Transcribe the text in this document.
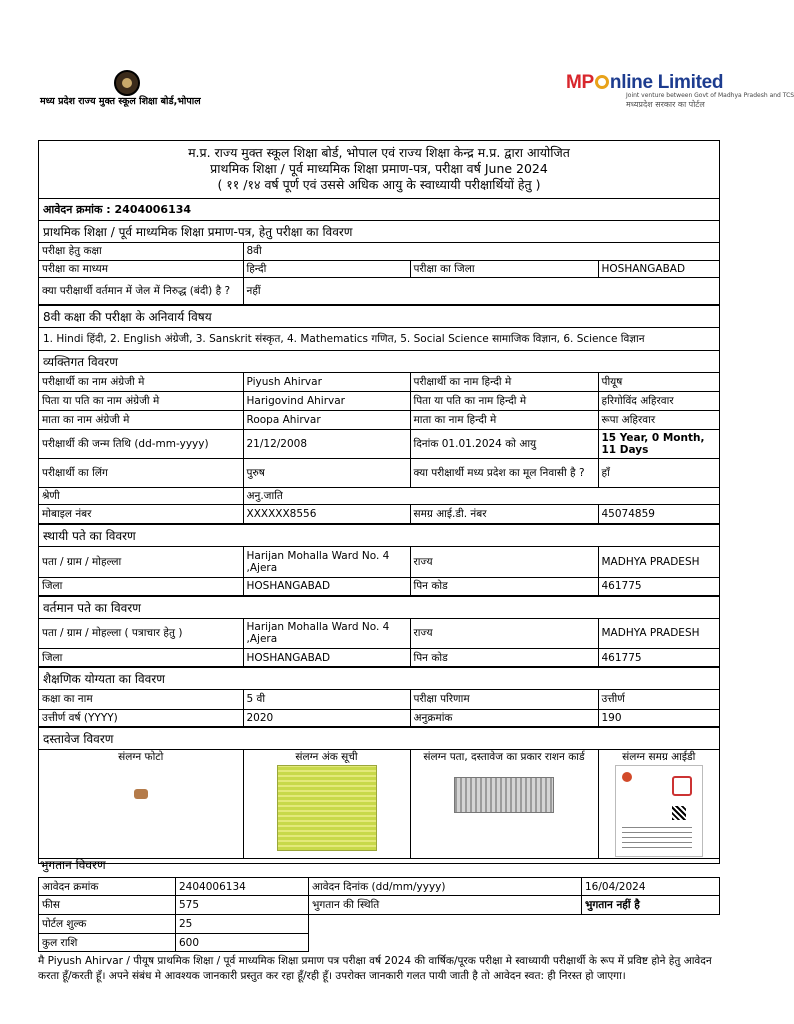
मध्य प्रदेश राज्य मुक्त स्कूल शिक्षा बोर्ड,भोपाल
MP nline Limited
Joint venture between Govt of Madhya Pradesh and TCS
मध्यप्रदेश सरकार का पोर्टल
म.प्र. राज्य मुक्त स्कूल शिक्षा बोर्ड, भोपाल एवं राज्य शिक्षा केन्द्र म.प्र. द्वारा आयोजित
प्राथमिक शिक्षा / पूर्व माध्यमिक शिक्षा प्रमाण-पत्र, परीक्षा वर्ष June 2024
( ११ /१४ वर्ष पूर्ण एवं उससे अधिक आयु के स्वाध्यायी परीक्षार्थियों हेतु )
आवेदन क्रमांक : 2404006134
प्राथमिक शिक्षा / पूर्व माध्यमिक शिक्षा प्रमाण-पत्र, हेतु परीक्षा का विवरण
परीक्षा हेतु कक्षा	8वी		
परीक्षा का माध्यम	हिन्दी	परीक्षा का जिला	HOSHANGABAD
क्या परीक्षार्थी वर्तमान में जेल में निरुद्ध (बंदी) है ?	नहीं		
8वी कक्षा की परीक्षा के अनिवार्य विषय
1. Hindi हिंदी, 2. English अंग्रेजी, 3. Sanskrit संस्कृत, 4. Mathematics गणित, 5. Social Science सामाजिक विज्ञान, 6. Science विज्ञान
व्यक्तिगत विवरण
परीक्षार्थी का नाम अंग्रेजी मे	Piyush Ahirvar	परीक्षार्थी का नाम हिन्दी मे	पीयूष
पिता या पति का नाम अंग्रेजी मे	Harigovind Ahirvar	पिता या पति का नाम हिन्दी मे	हरिगोविंद अहिरवार
माता का नाम अंग्रेजी मे	Roopa Ahirvar	माता का नाम हिन्दी मे	रूपा अहिरवार
परीक्षार्थी की जन्म तिथि (dd-mm-yyyy)	21/12/2008	दिनांक 01.01.2024 को आयु	15 Year, 0 Month, 11 Days
परीक्षार्थी का लिंग	पुरुष	क्या परीक्षार्थी मध्य प्रदेश का मूल निवासी है ?	हाँ
श्रेणी	अनु.जाति		
मोबाइल नंबर	XXXXXX8556	समग्र आई.डी. नंबर	45074859
स्थायी पते का विवरण
पता / ग्राम / मोहल्ला	Harijan Mohalla Ward No. 4 ,Ajera	राज्य	MADHYA PRADESH
जिला	HOSHANGABAD	पिन कोड	461775
वर्तमान पते का विवरण
पता / ग्राम / मोहल्ला ( पत्राचार हेतु )	Harijan Mohalla Ward No. 4 ,Ajera	राज्य	MADHYA PRADESH
जिला	HOSHANGABAD	पिन कोड	461775
शैक्षणिक योग्यता का विवरण
कक्षा का नाम	5 वी	परीक्षा परिणाम	उत्तीर्ण
उत्तीर्ण वर्ष (YYYY)	2020	अनुक्रमांक	190
दस्तावेज विवरण
संलग्न फोटो	संलग्न अंक सूची	संलग्न पता, दस्तावेज का प्रकार राशन कार्ड	संलग्न समग्र आईडी
भुगतान विवरण
आवेदन क्रमांक	2404006134	आवेदन दिनांक (dd/mm/yyyy)	16/04/2024
फीस	575	भुगतान की स्थिति	भुगतान नहीं है
पोर्टल शुल्क	25		
कुल राशि	600		
मै Piyush Ahirvar / पीयूष प्राथमिक शिक्षा / पूर्व माध्यमिक शिक्षा प्रमाण पत्र परीक्षा वर्ष 2024 की वार्षिक/पूरक परीक्षा मे स्वाध्यायी परीक्षार्थी के रूप में प्रविष्ट होने हेतु आवेदन करता हूँ/करती हूँ। अपने संबंध मे आवश्यक जानकारी प्रस्तुत कर रहा हूँ/रही हूँ। उपरोक्त जानकारी गलत पायी जाती है तो आवेदन स्वत: ही निरस्त हो जाएगा।
